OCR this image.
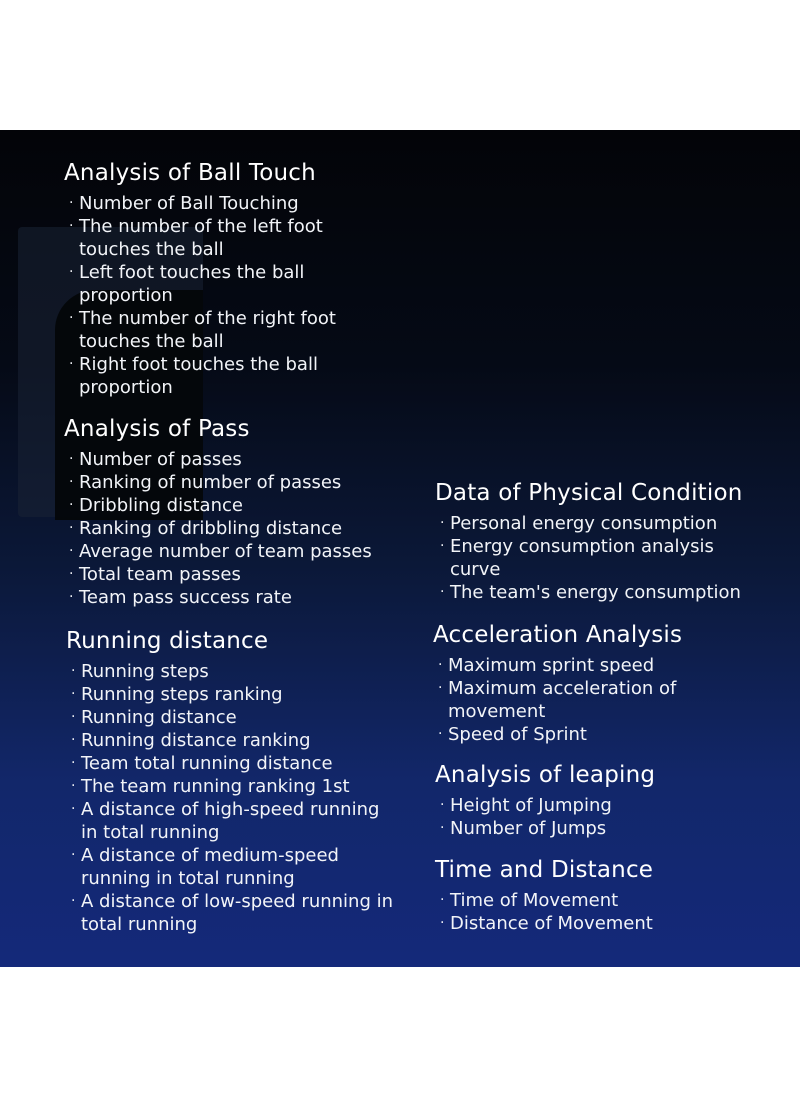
Analysis of Ball Touch
· Number of Ball Touching
· The number of the left foot touches the ball
· Left foot touches the ball proportion
· The number of the right foot touches the ball
· Right foot touches the ball proportion
Analysis of Pass
· Number of passes
· Ranking of number of passes
· Dribbling distance
· Ranking of dribbling distance
· Average number of team passes
· Total team passes
· Team pass success rate
Running distance
· Running steps
· Running steps ranking
· Running distance
· Running distance ranking
· Team total running distance
· The team running ranking 1st
· A distance of high-speed running in total running
· A distance of medium-speed running in total running
· A distance of low-speed running in total running
Data of Physical Condition
· Personal energy consumption
· Energy consumption analysis curve
· The team's energy consumption
Acceleration Analysis
· Maximum sprint speed
· Maximum acceleration of movement
· Speed of Sprint
Analysis of leaping
· Height of Jumping
· Number of Jumps
Time and Distance
· Time of Movement
· Distance of Movement
